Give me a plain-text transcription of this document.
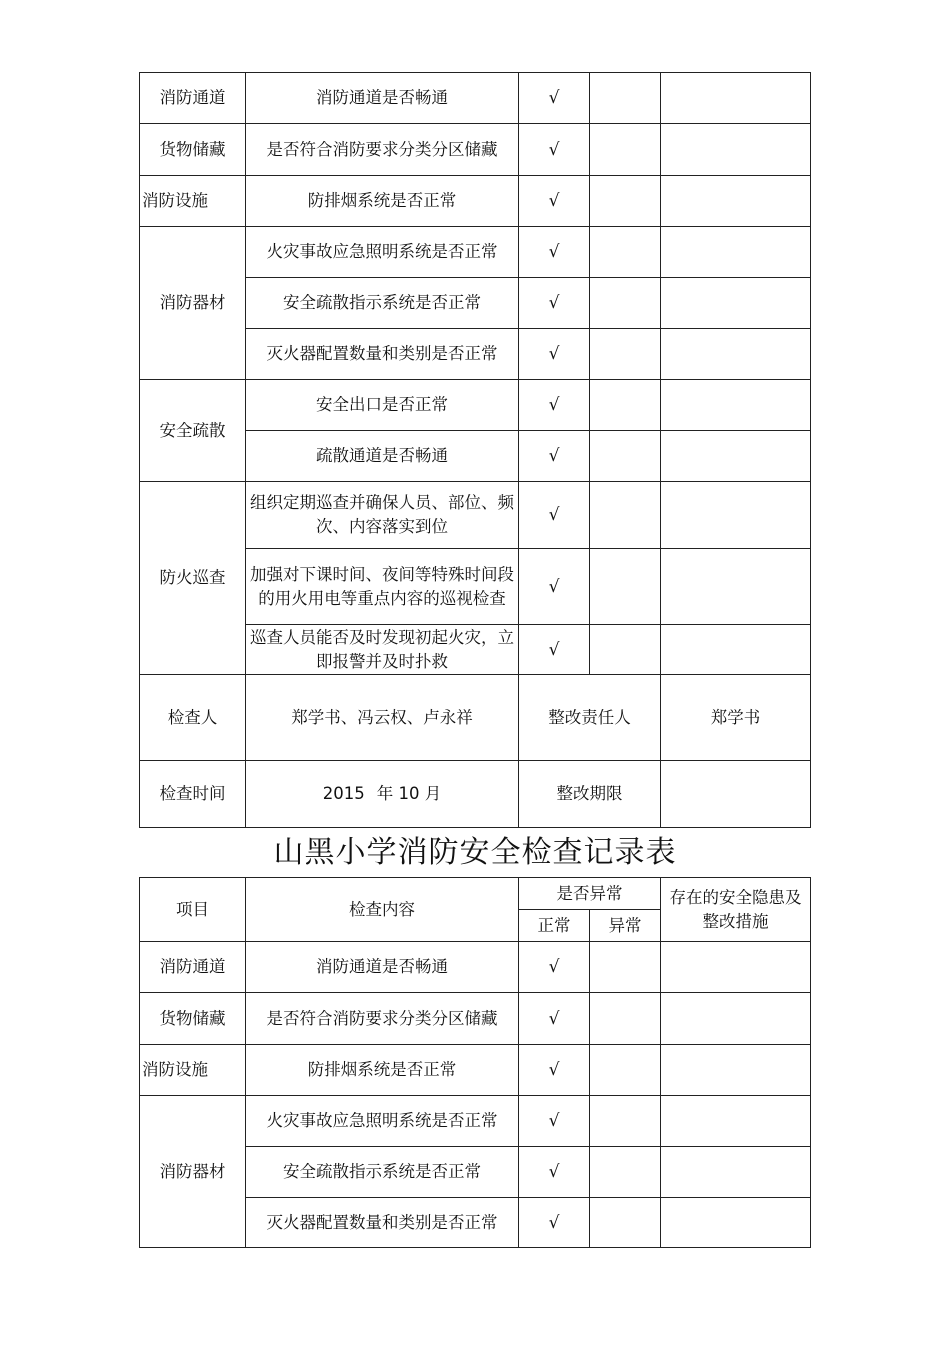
消防通道	消防通道是否畅通	√		
货物储藏	是否符合消防要求分类分区储藏	√		
消防设施	防排烟系统是否正常	√		
消防器材	火灾事故应急照明系统是否正常	√		
	安全疏散指示系统是否正常	√		
	灭火器配置数量和类别是否正常	√		
安全疏散	安全出口是否正常	√		
	疏散通道是否畅通	√		
防火巡查	组织定期巡查并确保人员、部位、频次、内容落实到位	√		
	加强对下课时间、夜间等特殊时间段的用火用电等重点内容的巡视检查	√		
	巡查人员能否及时发现初起火灾，立即报警并及时扑救	√		
检查人	郑学书、冯云权、卢永祥	整改责任人		郑学书
检查时间	2015 年 10 月	整改期限		
山黑小学消防安全检查记录表
项目	检查内容	是否异常		存在的安全隐患及整改措施
		正常	异常	
消防通道	消防通道是否畅通	√		
货物储藏	是否符合消防要求分类分区储藏	√		
消防设施	防排烟系统是否正常	√		
消防器材	火灾事故应急照明系统是否正常	√		
	安全疏散指示系统是否正常	√		
	灭火器配置数量和类别是否正常	√		
